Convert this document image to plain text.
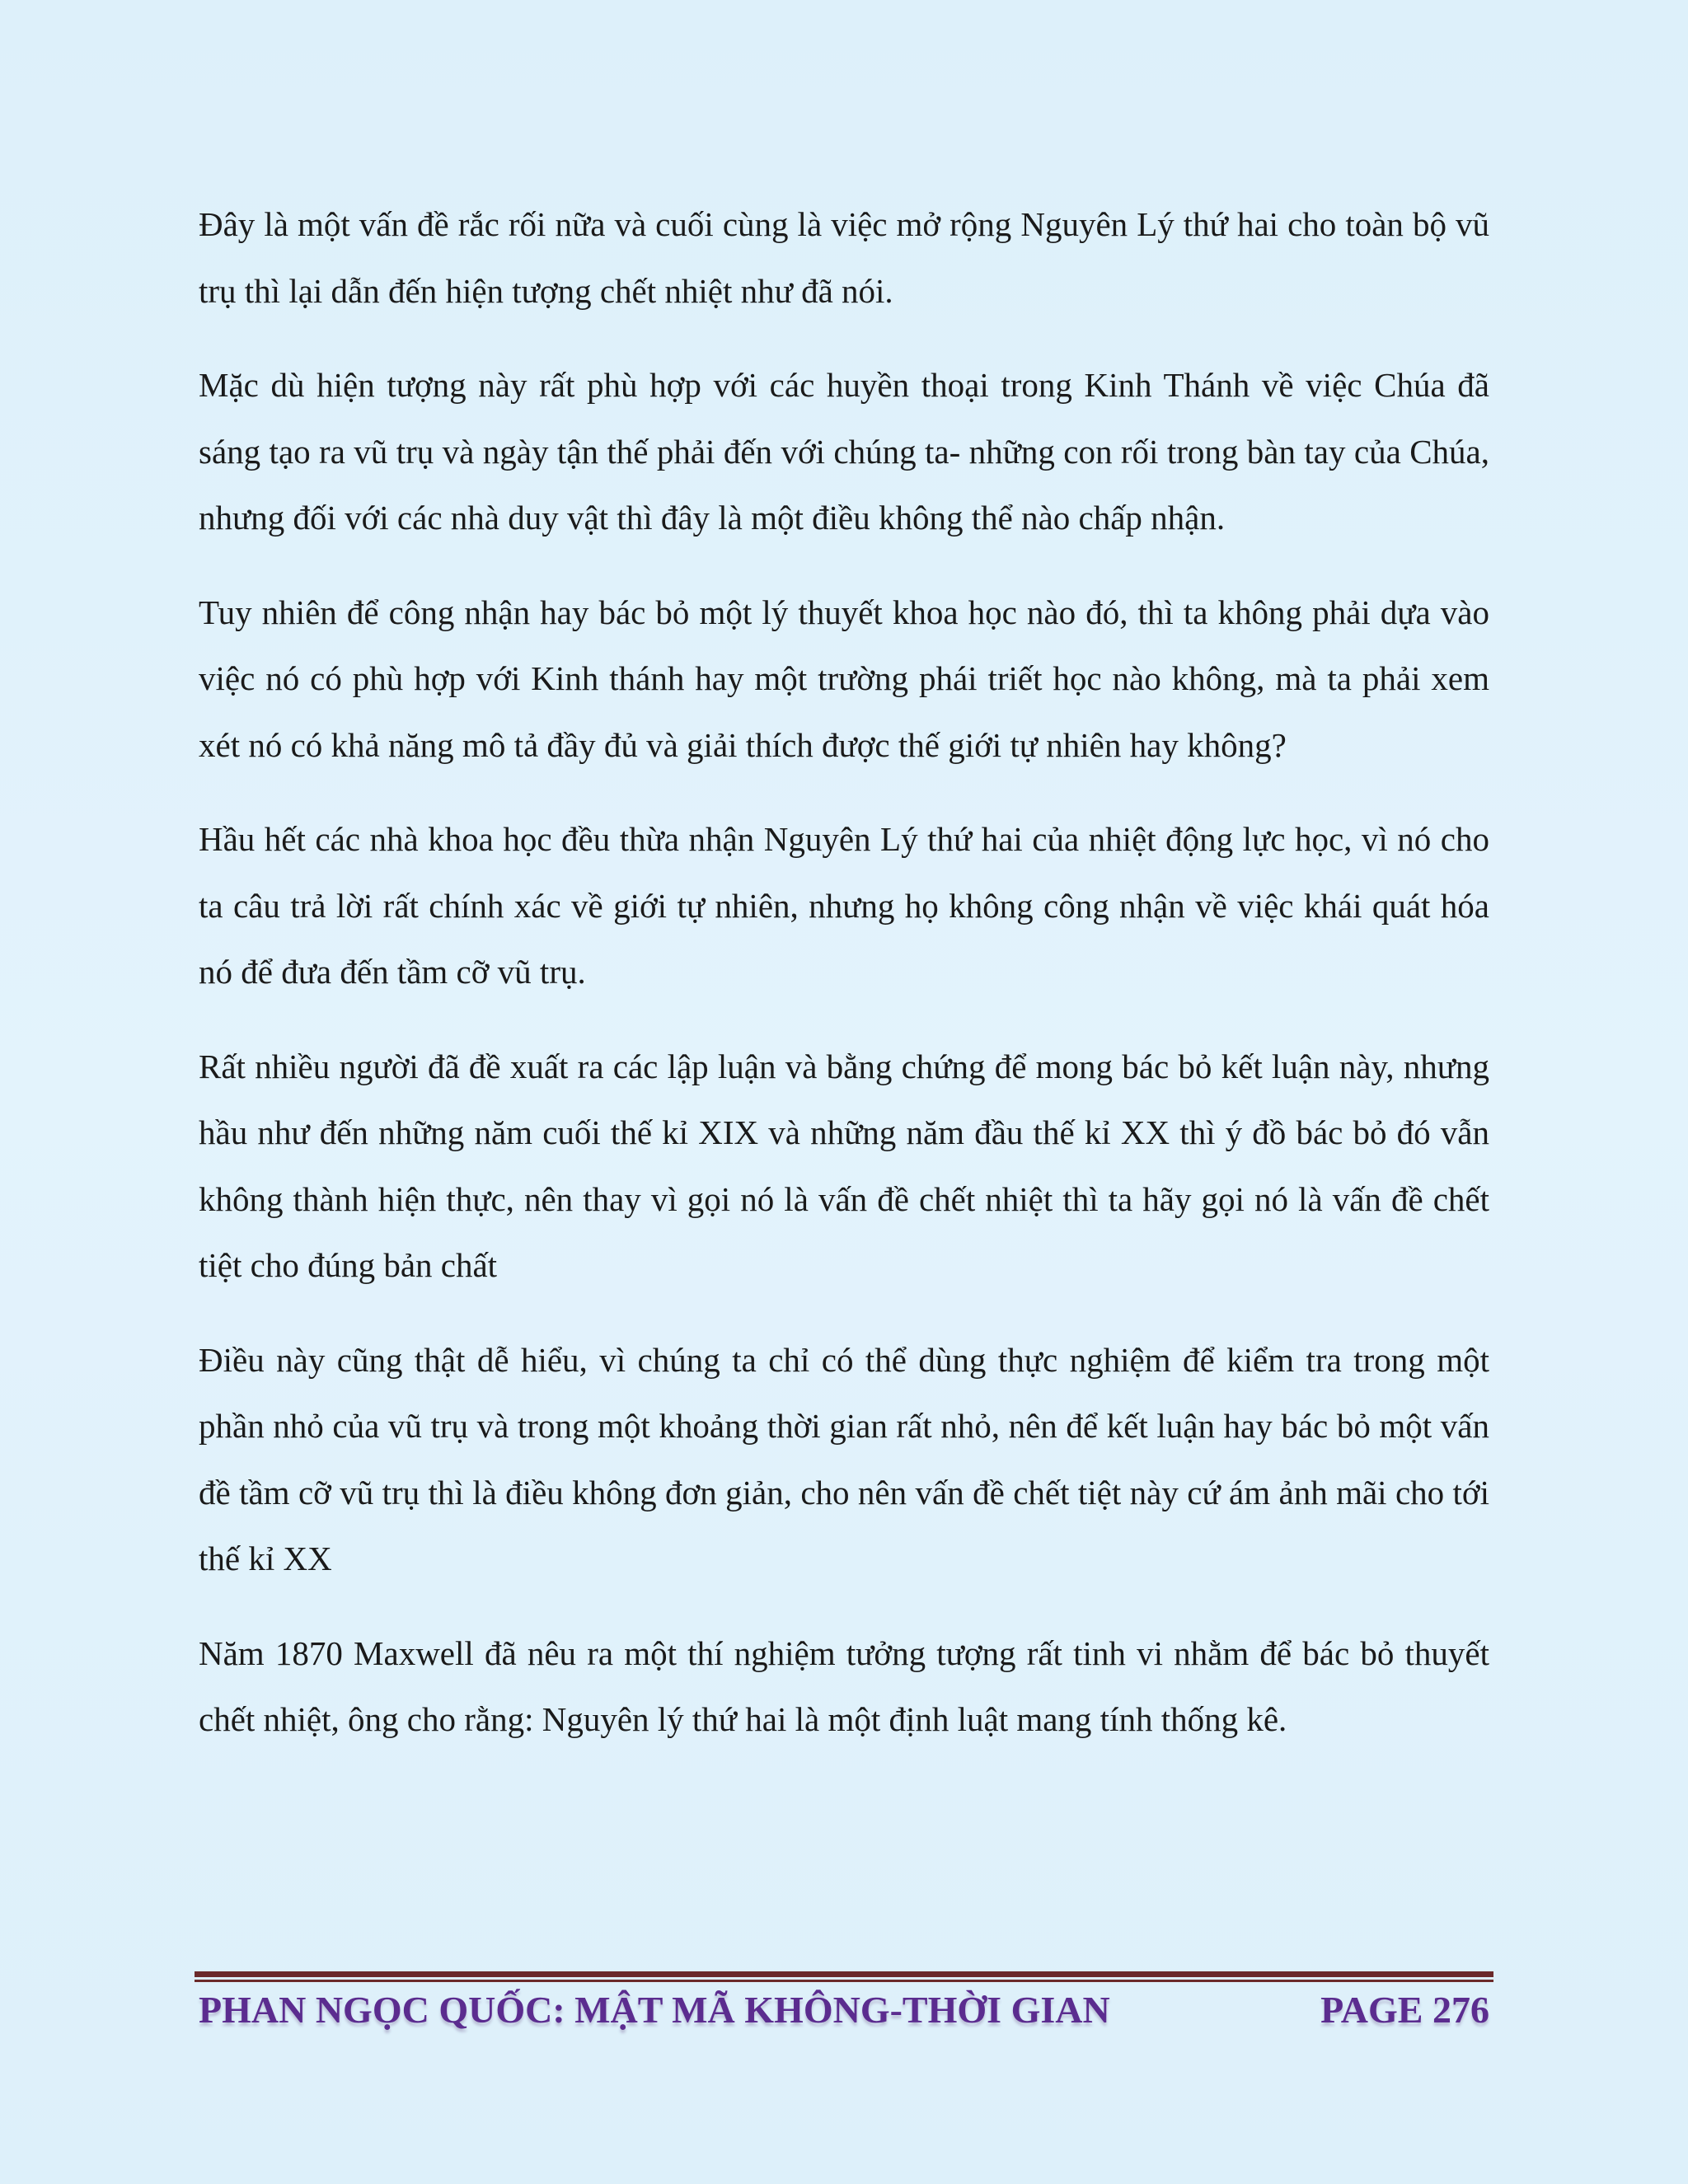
Đây là một vấn đề rắc rối nữa và cuối cùng là việc mở rộng Nguyên Lý thứ hai cho toàn bộ vũ trụ thì lại dẫn đến hiện tượng chết nhiệt như đã nói.

Mặc dù hiện tượng này rất phù hợp với các huyền thoại trong Kinh Thánh về việc Chúa đã sáng tạo ra vũ trụ và ngày tận thế phải đến với chúng ta- những con rối trong bàn tay của Chúa, nhưng đối với các nhà duy vật thì đây là một điều không thể nào chấp nhận.

Tuy nhiên để công nhận hay bác bỏ một lý thuyết khoa học nào đó, thì ta không phải dựa vào việc nó có phù hợp với Kinh thánh hay một trường phái triết học nào không, mà ta phải xem xét nó có khả năng mô tả đầy đủ và giải thích được thế giới tự nhiên hay không?

Hầu hết các nhà khoa học đều thừa nhận Nguyên Lý thứ hai của nhiệt động lực học, vì nó cho ta câu trả lời rất chính xác về giới tự nhiên, nhưng họ không công nhận về việc khái quát hóa nó để đưa đến tầm cỡ vũ trụ.

Rất nhiều người đã đề xuất ra các lập luận và bằng chứng để mong bác bỏ kết luận này, nhưng hầu như đến những năm cuối thế kỉ XIX và những năm đầu thế kỉ XX thì ý đồ bác bỏ đó vẫn không thành hiện thực, nên thay vì gọi nó là vấn đề chết nhiệt thì ta hãy gọi nó là vấn đề chết tiệt cho đúng bản chất

Điều này cũng thật dễ hiểu, vì chúng ta chỉ có thể dùng thực nghiệm để kiểm tra trong một phần nhỏ của vũ trụ và trong một khoảng thời gian rất nhỏ, nên để kết luận hay bác bỏ một vấn đề tầm cỡ vũ trụ thì là điều không đơn giản, cho nên vấn đề chết tiệt này cứ ám ảnh mãi cho tới thế kỉ XX

Năm 1870 Maxwell đã nêu ra một thí nghiệm tưởng tượng rất tinh vi nhằm để bác bỏ thuyết chết nhiệt, ông cho rằng: Nguyên lý thứ hai là một định luật mang tính thống kê.

PHAN NGỌC QUỐC: MẬT MÃ KHÔNG-THỜI GIAN	PAGE 276
